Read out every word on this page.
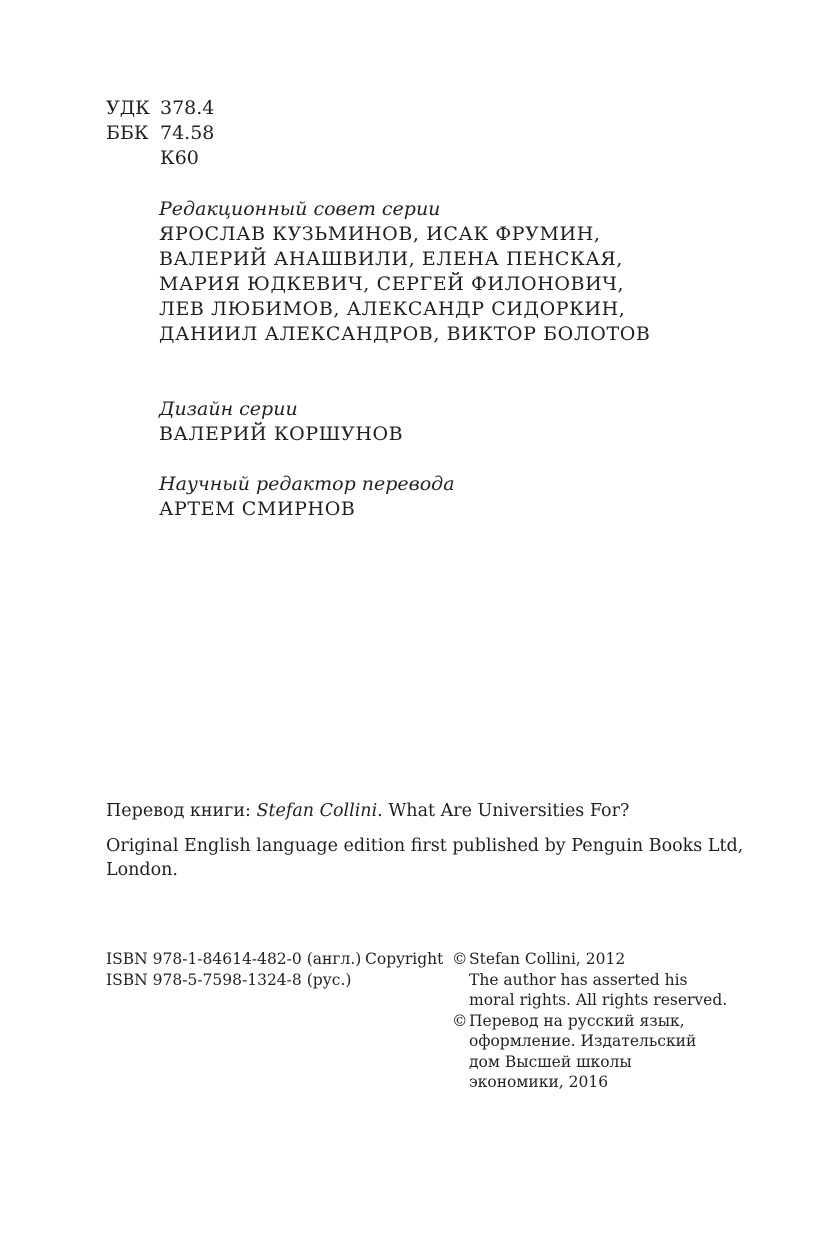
УДК 378.4
ББК 74.58
К60
Редакционный совет серии
ЯРОСЛАВ КУЗЬМИНОВ, ИСАК ФРУМИН,
ВАЛЕРИЙ АНАШВИЛИ, ЕЛЕНА ПЕНСКАЯ,
МАРИЯ ЮДКЕВИЧ, СЕРГЕЙ ФИЛОНОВИЧ,
ЛЕВ ЛЮБИМОВ, АЛЕКСАНДР СИДОРКИН,
ДАНИИЛ АЛЕКСАНДРОВ, ВИКТОР БОЛОТОВ
Дизайн серии
ВАЛЕРИЙ КОРШУНОВ
Научный редактор перевода
АРТЕМ СМИРНОВ
Перевод книги: Stefan Collini. What Are Universities For?
Original English language edition first published by Penguin Books Ltd,
London.
ISBN 978-1-84614-482-0 (англ.)
ISBN 978-5-7598-1324-8 (рус.)
Copyright © Stefan Collini, 2012
The author has asserted his
moral rights. All rights reserved.
© Перевод на русский язык,
оформление. Издательский
дом Высшей школы
экономики, 2016
